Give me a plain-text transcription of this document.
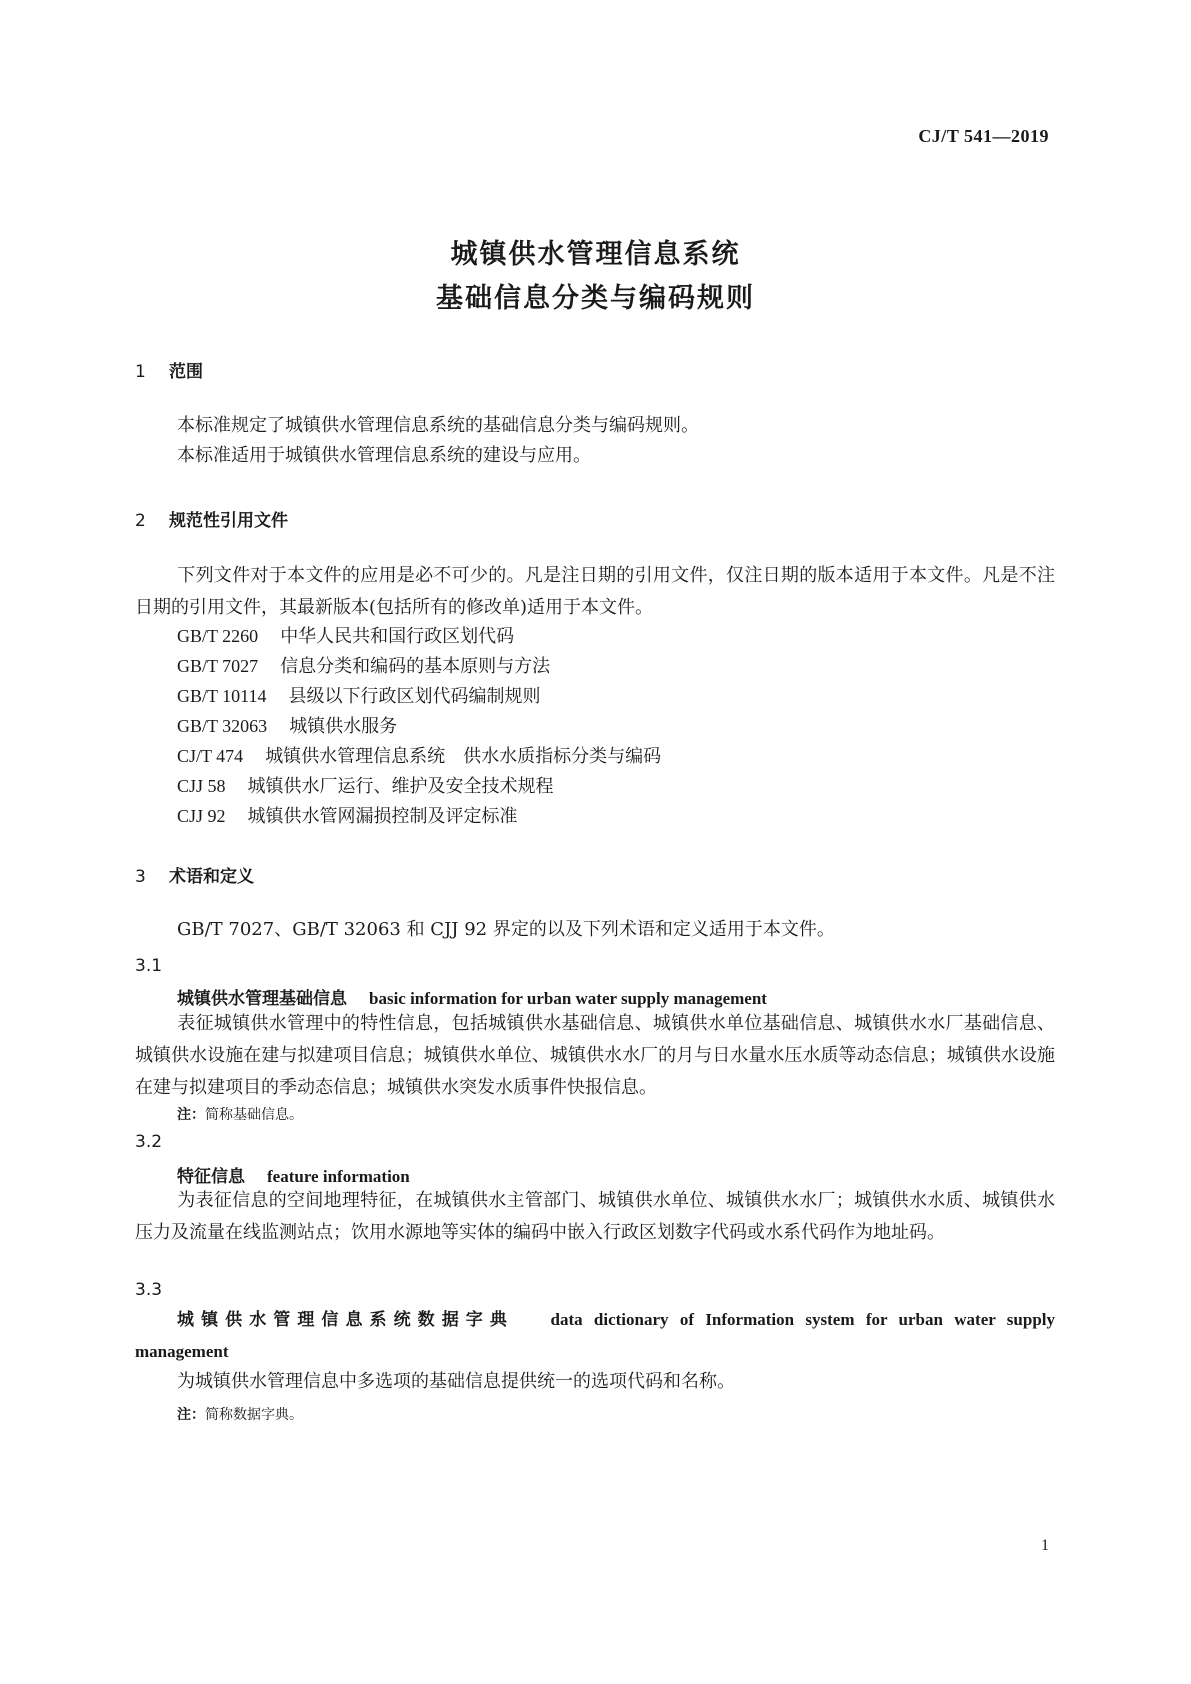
CJ/T 541—2019
城镇供水管理信息系统
基础信息分类与编码规则
1 范围
本标准规定了城镇供水管理信息系统的基础信息分类与编码规则。
本标准适用于城镇供水管理信息系统的建设与应用。
2 规范性引用文件
下列文件对于本文件的应用是必不可少的。凡是注日期的引用文件，仅注日期的版本适用于本文件。凡是不注日期的引用文件，其最新版本(包括所有的修改单)适用于本文件。
GB/T 2260 中华人民共和国行政区划代码
GB/T 7027 信息分类和编码的基本原则与方法
GB/T 10114 县级以下行政区划代码编制规则
GB/T 32063 城镇供水服务
CJ/T 474 城镇供水管理信息系统　供水水质指标分类与编码
CJJ 58 城镇供水厂运行、维护及安全技术规程
CJJ 92 城镇供水管网漏损控制及评定标准
3 术语和定义
GB/T 7027、GB/T 32063 和 CJJ 92 界定的以及下列术语和定义适用于本文件。
3.1
城镇供水管理基础信息 basic information for urban water supply management
表征城镇供水管理中的特性信息，包括城镇供水基础信息、城镇供水单位基础信息、城镇供水水厂基础信息、城镇供水设施在建与拟建项目信息；城镇供水单位、城镇供水水厂的月与日水量水压水质等动态信息；城镇供水设施在建与拟建项目的季动态信息；城镇供水突发水质事件快报信息。
注：简称基础信息。
3.2
特征信息 feature information
为表征信息的空间地理特征，在城镇供水主管部门、城镇供水单位、城镇供水水厂；城镇供水水质、城镇供水压力及流量在线监测站点；饮用水源地等实体的编码中嵌入行政区划数字代码或水系代码作为地址码。
3.3
城镇供水管理信息系统数据字典　 data dictionary of Information system for urban water supply
management
为城镇供水管理信息中多选项的基础信息提供统一的选项代码和名称。
注：简称数据字典。
1
